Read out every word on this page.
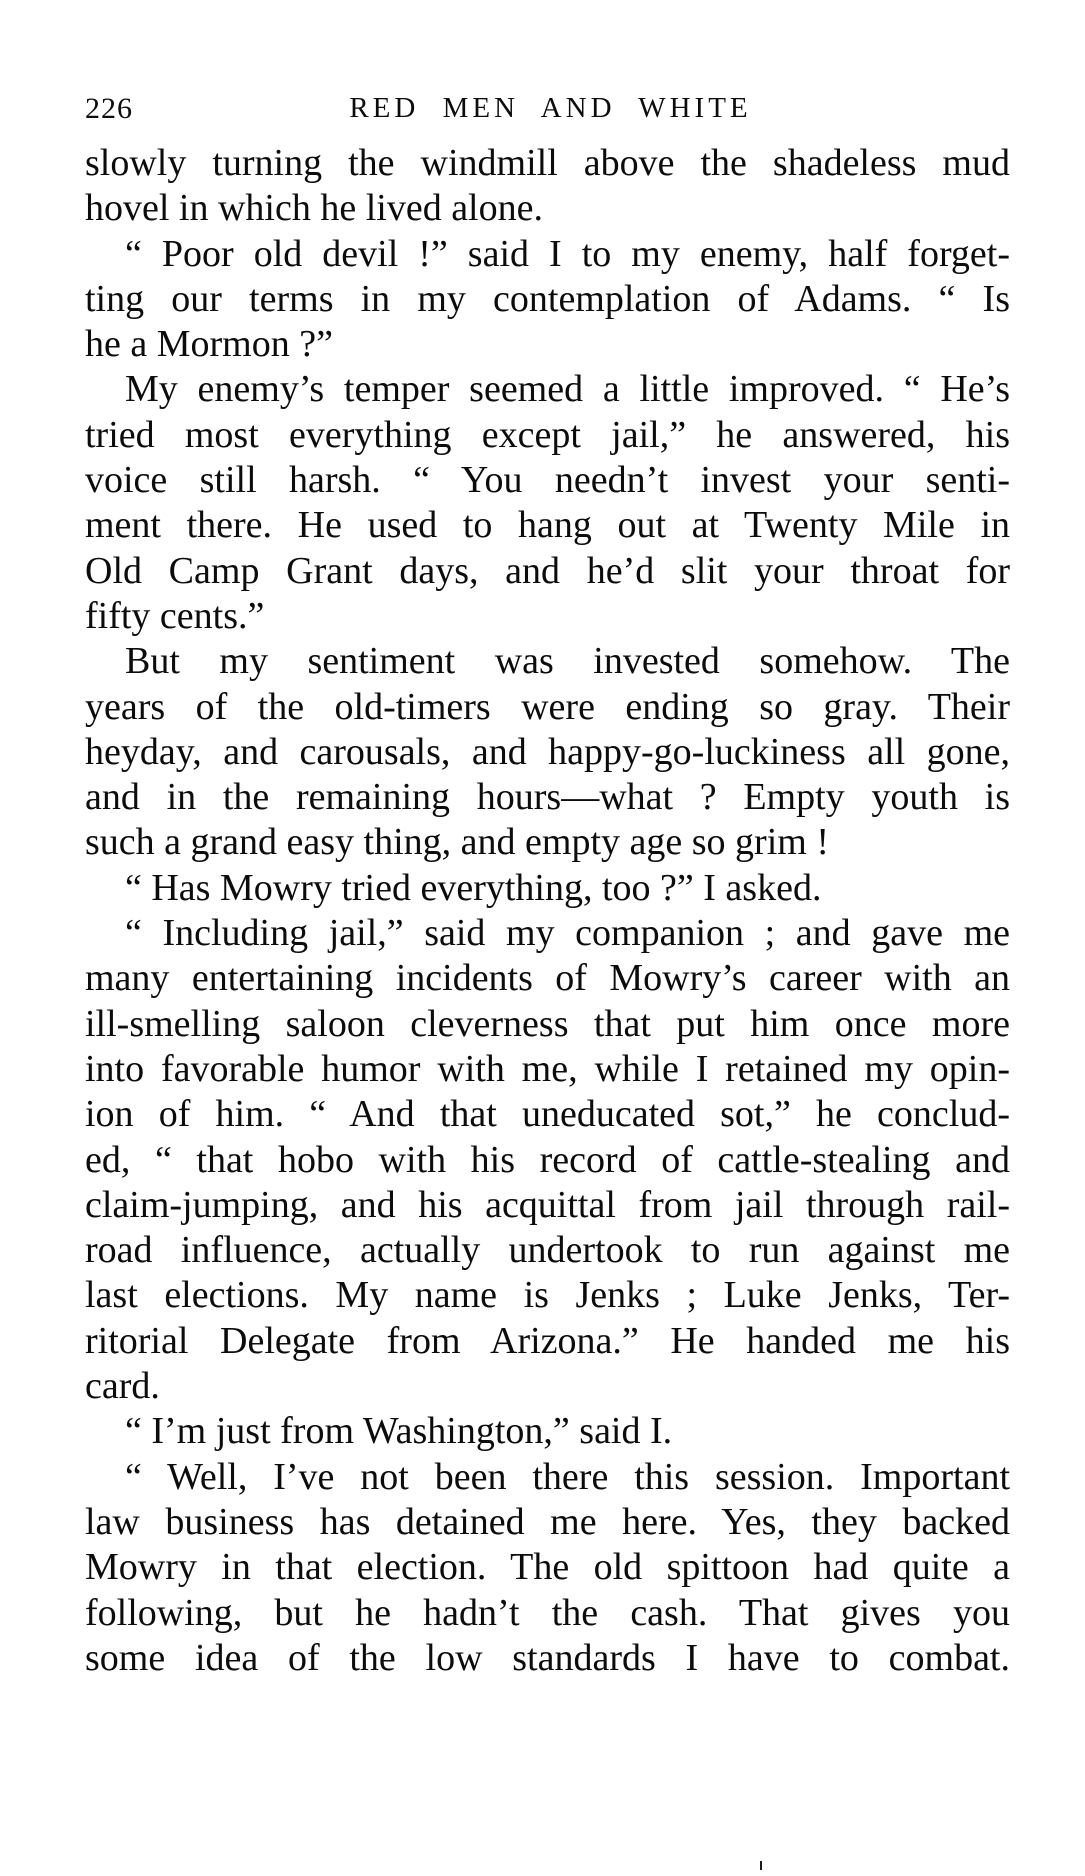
226	RED MEN AND WHITE
slowly turning the windmill above the shadeless mud
hovel in which he lived alone.
“ Poor old devil !” said I to my enemy, half forget-
ting our terms in my contemplation of Adams. “ Is
he a Mormon ?”
My enemy’s temper seemed a little improved. “ He’s
tried most everything except jail,” he answered, his
voice still harsh. “ You needn’t invest your senti-
ment there. He used to hang out at Twenty Mile in
Old Camp Grant days, and he’d slit your throat for
fifty cents.”
But my sentiment was invested somehow. The
years of the old-timers were ending so gray. Their
heyday, and carousals, and happy-go-luckiness all gone,
and in the remaining hours—what ? Empty youth is
such a grand easy thing, and empty age so grim !
“ Has Mowry tried everything, too ?” I asked.
“ Including jail,” said my companion ; and gave me
many entertaining incidents of Mowry’s career with an
ill-smelling saloon cleverness that put him once more
into favorable humor with me, while I retained my opin-
ion of him. “ And that uneducated sot,” he conclud-
ed, “ that hobo with his record of cattle-stealing and
claim-jumping, and his acquittal from jail through rail-
road influence, actually undertook to run against me
last elections. My name is Jenks ; Luke Jenks, Ter-
ritorial Delegate from Arizona.” He handed me his
card.
“ I’m just from Washington,” said I.
“ Well, I’ve not been there this session. Important
law business has detained me here. Yes, they backed
Mowry in that election. The old spittoon had quite a
following, but he hadn’t the cash. That gives you
some idea of the low standards I have to combat.
